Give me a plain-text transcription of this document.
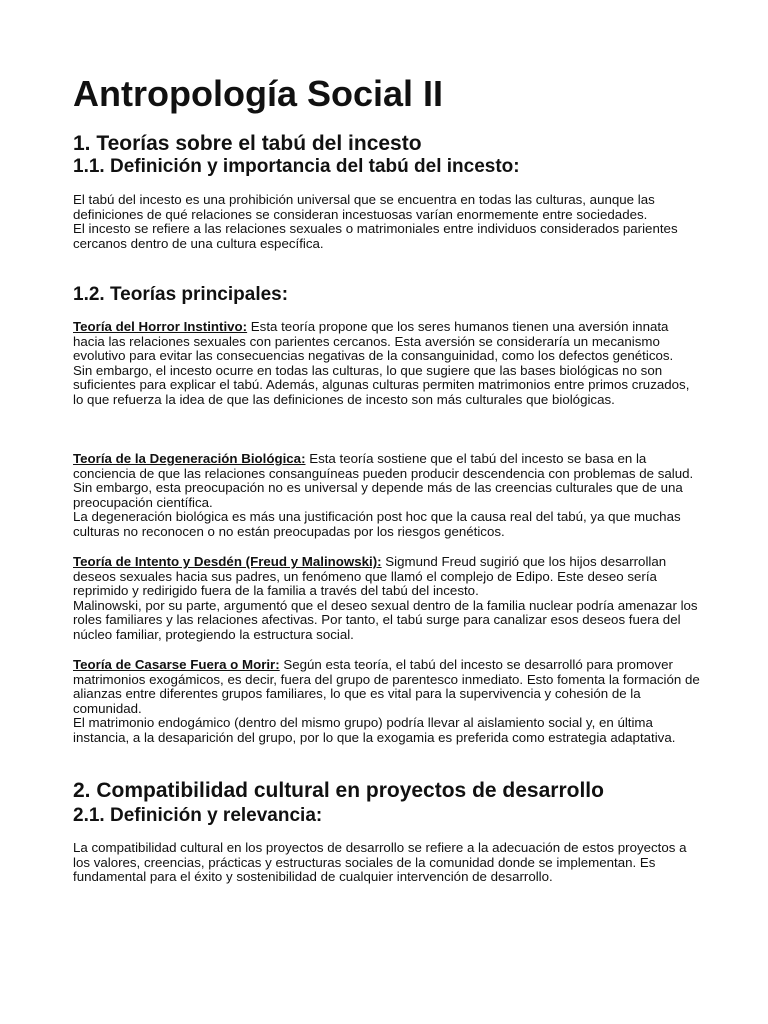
Antropología Social II
1. Teorías sobre el tabú del incesto
1.1. Definición y importancia del tabú del incesto:

El tabú del incesto es una prohibición universal que se encuentra en todas las culturas, aunque las definiciones de qué relaciones se consideran incestuosas varían enormemente entre sociedades.

El incesto se refiere a las relaciones sexuales o matrimoniales entre individuos considerados parientes cercanos dentro de una cultura específica.

1.2. Teorías principales:

Teoría del Horror Instintivo: Esta teoría propone que los seres humanos tienen una aversión innata hacia las relaciones sexuales con parientes cercanos. Esta aversión se consideraría un mecanismo evolutivo para evitar las consecuencias negativas de la consanguinidad, como los defectos genéticos.

Sin embargo, el incesto ocurre en todas las culturas, lo que sugiere que las bases biológicas no son suficientes para explicar el tabú. Además, algunas culturas permiten matrimonios entre primos cruzados, lo que refuerza la idea de que las definiciones de incesto son más culturales que biológicas.

Teoría de la Degeneración Biológica: Esta teoría sostiene que el tabú del incesto se basa en la conciencia de que las relaciones consanguíneas pueden producir descendencia con problemas de salud. Sin embargo, esta preocupación no es universal y depende más de las creencias culturales que de una preocupación científica.

La degeneración biológica es más una justificación post hoc que la causa real del tabú, ya que muchas culturas no reconocen o no están preocupadas por los riesgos genéticos.

Teoría de Intento y Desdén (Freud y Malinowski): Sigmund Freud sugirió que los hijos desarrollan deseos sexuales hacia sus padres, un fenómeno que llamó el complejo de Edipo. Este deseo sería reprimido y redirigido fuera de la familia a través del tabú del incesto.

Malinowski, por su parte, argumentó que el deseo sexual dentro de la familia nuclear podría amenazar los roles familiares y las relaciones afectivas. Por tanto, el tabú surge para canalizar esos deseos fuera del núcleo familiar, protegiendo la estructura social.

Teoría de Casarse Fuera o Morir: Según esta teoría, el tabú del incesto se desarrolló para promover matrimonios exogámicos, es decir, fuera del grupo de parentesco inmediato. Esto fomenta la formación de alianzas entre diferentes grupos familiares, lo que es vital para la supervivencia y cohesión de la comunidad.

El matrimonio endogámico (dentro del mismo grupo) podría llevar al aislamiento social y, en última instancia, a la desaparición del grupo, por lo que la exogamia es preferida como estrategia adaptativa.

2. Compatibilidad cultural en proyectos de desarrollo
2.1. Definición y relevancia:

La compatibilidad cultural en los proyectos de desarrollo se refiere a la adecuación de estos proyectos a los valores, creencias, prácticas y estructuras sociales de la comunidad donde se implementan. Es fundamental para el éxito y sostenibilidad de cualquier intervención de desarrollo.
